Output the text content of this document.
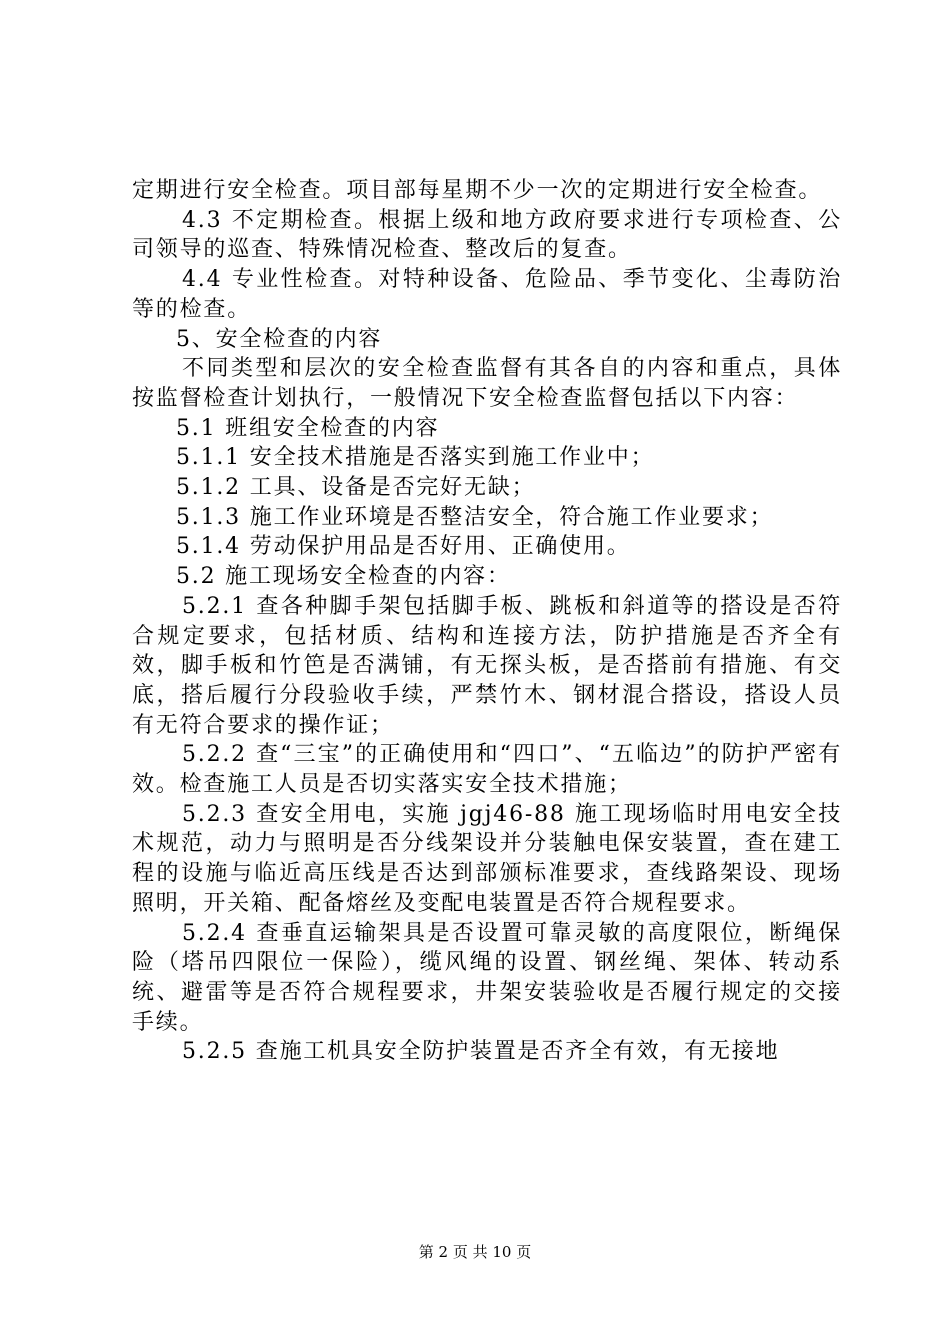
定期进行安全检查。项目部每星期不少一次的定期进行安全检查。

4.3 不定期检查。根据上级和地方政府要求进行专项检查、公司领导的巡查、特殊情况检查、整改后的复查。

4.4 专业性检查。对特种设备、危险品、季节变化、尘毒防治等的检查。

5、安全检查的内容

不同类型和层次的安全检查监督有其各自的内容和重点，具体按监督检查计划执行，一般情况下安全检查监督包括以下内容：

5.1 班组安全检查的内容

5.1.1 安全技术措施是否落实到施工作业中；

5.1.2 工具、设备是否完好无缺；

5.1.3 施工作业环境是否整洁安全，符合施工作业要求；

5.1.4 劳动保护用品是否好用、正确使用。

5.2 施工现场安全检查的内容：

5.2.1 查各种脚手架包括脚手板、跳板和斜道等的搭设是否符合规定要求，包括材质、结构和连接方法，防护措施是否齐全有效，脚手板和竹笆是否满铺，有无探头板，是否搭前有措施、有交底，搭后履行分段验收手续，严禁竹木、钢材混合搭设，搭设人员有无符合要求的操作证；

5.2.2 查“三宝”的正确使用和“四口”、“五临边”的防护严密有效。检查施工人员是否切实落实安全技术措施；

5.2.3 查安全用电，实施 jgj46-88 施工现场临时用电安全技术规范，动力与照明是否分线架设并分装触电保安装置，查在建工程的设施与临近高压线是否达到部颁标准要求，查线路架设、现场照明，开关箱、配备熔丝及变配电装置是否符合规程要求。

5.2.4 查垂直运输架具是否设置可靠灵敏的高度限位，断绳保险（塔吊四限位一保险），缆风绳的设置、钢丝绳、架体、转动系统、避雷等是否符合规程要求，井架安装验收是否履行规定的交接手续。

5.2.5 查施工机具安全防护装置是否齐全有效，有无接地

第 2 页 共 10 页
